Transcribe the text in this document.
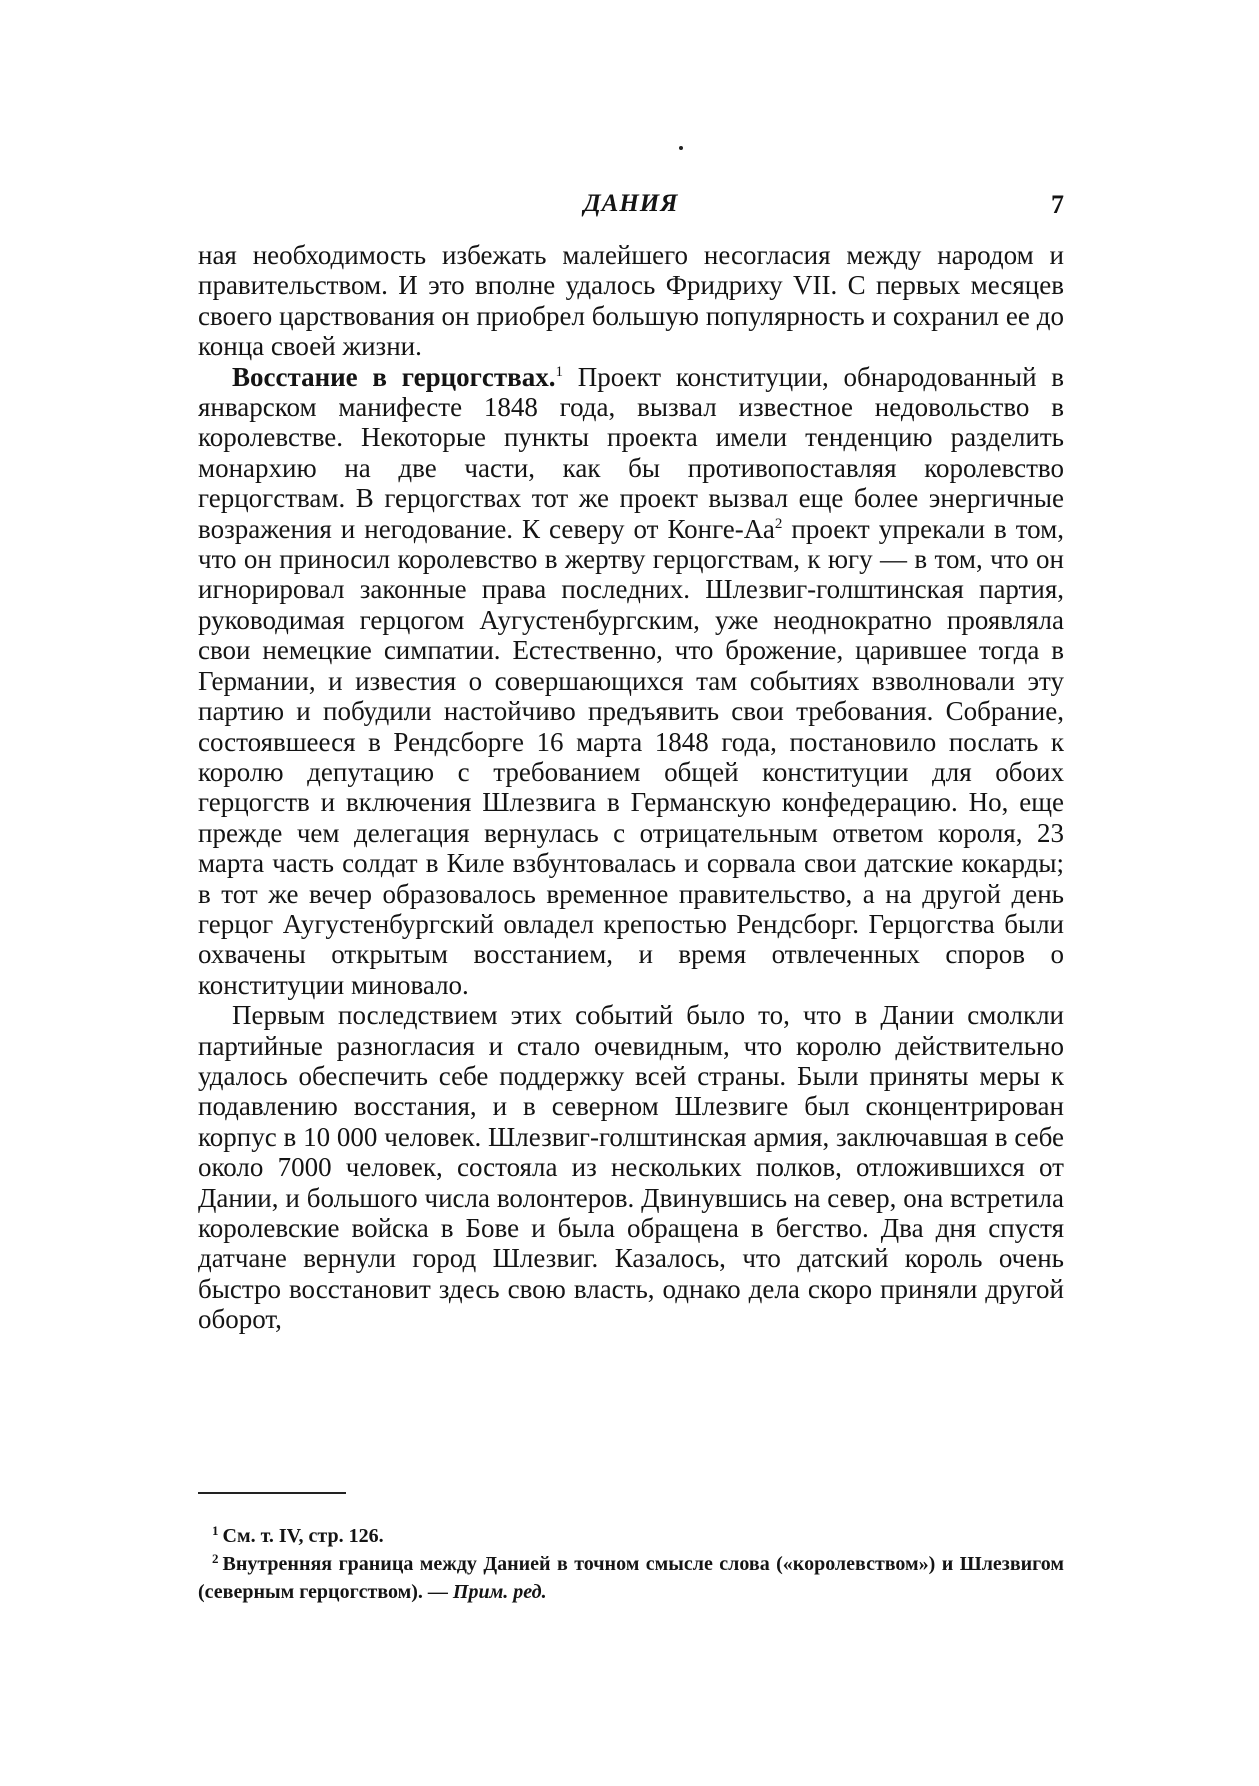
ДАНИЯ	7

ная необходимость избежать малейшего несогласия между народом и правительством. И это вполне удалось Фридриху VII. С первых месяцев своего царствования он приобрел большую популярность и сохранил ее до конца своей жизни.

Восстание в герцогствах.$^1$ Проект конституции, обнародованный в январском манифесте 1848 года, вызвал известное недовольство в королевстве. Некоторые пункты проекта имели тенденцию разделить монархию на две части, как бы противопоставляя королевство герцогствам. В герцогствах тот же проект вызвал еще более энергичные возражения и негодование. К северу от Конге-$Аа^2$ проект упрекали в том, что он приносил королевство в жертву герцогствам, к югу — в том, что он игнорировал законные права последних. Шлезвиг-голштинская партия, руководимая герцогом Аугустенбургским, уже неоднократно проявляла свои немецкие симпатии. Естественно, что брожение, царившее тогда в Германии, и известия о совершающихся там событиях взволновали эту партию и побудили настойчиво предъявить свои требования. Собрание, состоявшееся в Рендсборге 16 марта 1848 года, постановило послать к королю депутацию с требованием общей конституции для обоих герцогств и включения Шлезвига в Германскую конфедерацию. Но, еще прежде чем делегация вернулась с отрицательным ответом короля, 23 марта часть солдат в Киле взбунтовалась и сорвала свои датские кокарды; в тот же вечер образовалось временное правительство, а на другой день герцог Аугустенбургский овладел крепостью Рендсборг. Герцогства были охвачены открытым восстанием, и время отвлеченных споров о конституции миновало.

Первым последствием этих событий было то, что в Дании смолкли партийные разногласия и стало очевидным, что королю действительно удалось обеспечить себе поддержку всей страны. Были приняты меры к подавлению восстания, и в северном Шлезвиге был сконцентрирован корпус в 10 000 человек. Шлезвиг-голштинская армия, заключавшая в себе около 7000 человек, состояла из нескольких полков, отложившихся от Дании, и большого числа волонтеров. Двинувшись на север, она встретила королевские войска в Бове и была обращена в бегство. Два дня спустя датчане вернули город Шлезвиг. Казалось, что датский король очень быстро восстановит здесь свою власть, однако дела скоро приняли другой оборот,

$^1$ См. т. IV, стр. 126.

$^2$ Внутренняя граница между Данией в точном смысле слова («королевством») и Шлезвигом (северным герцогством). — Прим. ред.
